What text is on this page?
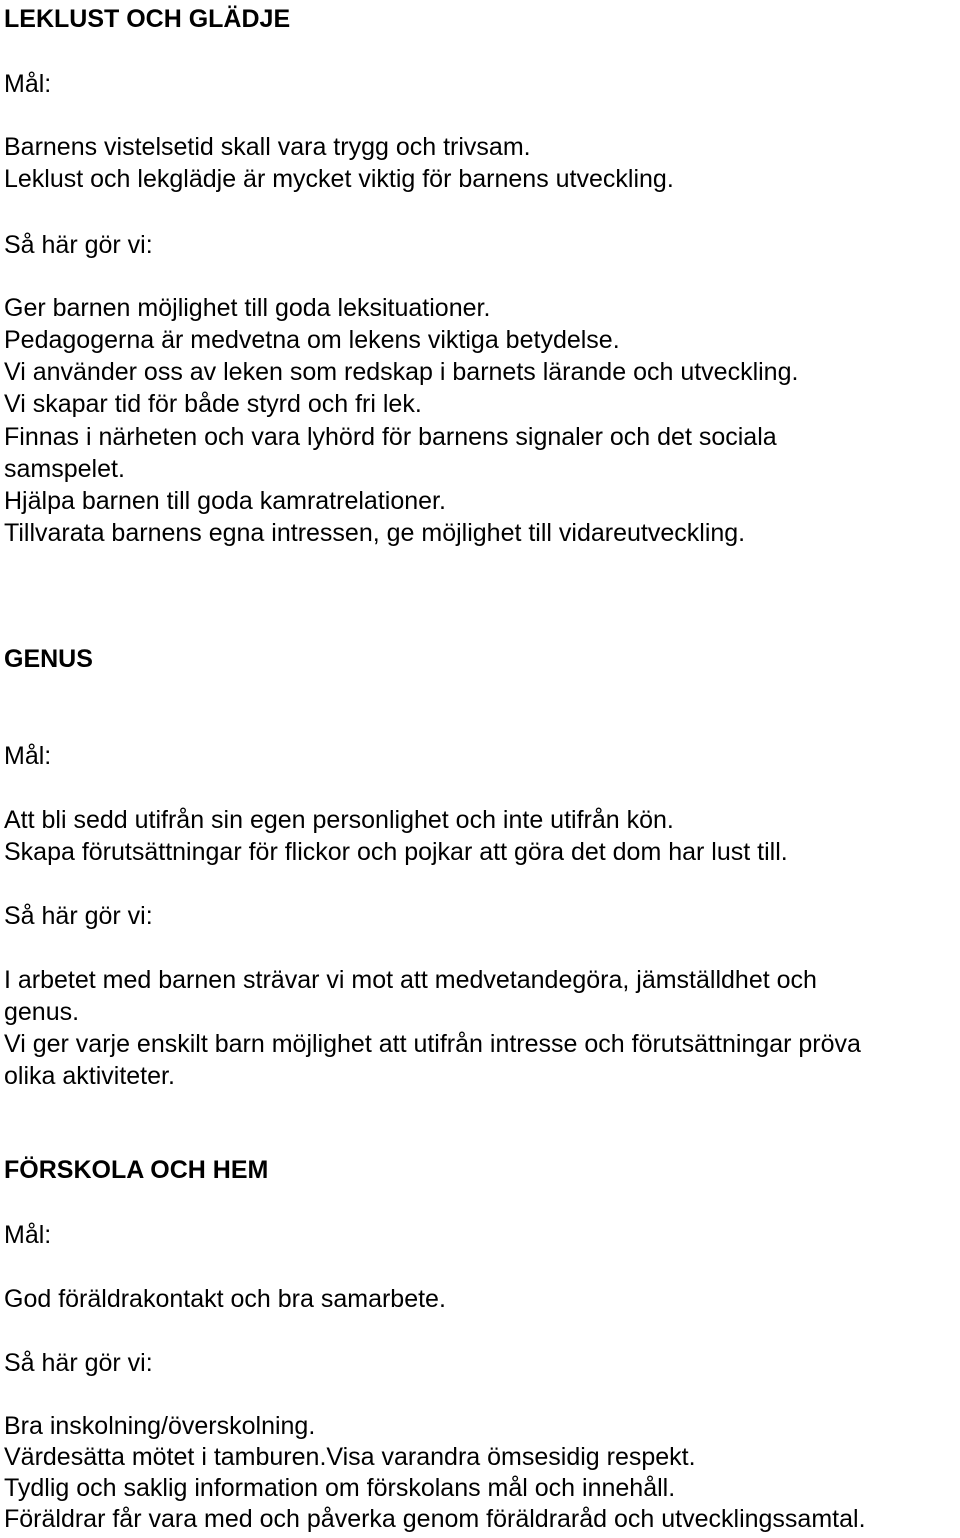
LEKLUST OCH GLÄDJE
Mål:
Barnens vistelsetid skall vara trygg och trivsam.
Leklust och lekglädje är mycket viktig för barnens utveckling.
Så här gör vi:
Ger barnen möjlighet till goda leksituationer.
Pedagogerna är medvetna om lekens viktiga betydelse.
Vi använder oss av leken som redskap i barnets lärande och utveckling.
Vi skapar tid för både styrd och fri lek.
Finnas i närheten och vara lyhörd för barnens signaler och det sociala
samspelet.
Hjälpa barnen till goda kamratrelationer.
Tillvarata barnens egna intressen, ge möjlighet till vidareutveckling.
GENUS
Mål:
Att bli sedd utifrån sin egen personlighet och inte utifrån kön.
Skapa förutsättningar för flickor och pojkar att göra det dom har lust till.
Så här gör vi:
I arbetet med barnen strävar vi mot att medvetandegöra, jämställdhet och
genus.
Vi ger varje enskilt barn möjlighet att utifrån intresse och förutsättningar pröva
olika aktiviteter.
FÖRSKOLA OCH HEM
Mål:
God föräldrakontakt och bra samarbete.
Så här gör vi:
Bra inskolning/överskolning.
Värdesätta mötet i tamburen.Visa varandra ömsesidig respekt.
Tydlig och saklig information om förskolans mål och innehåll.
Föräldrar får vara med och påverka genom föräldraråd och utvecklingssamtal.
